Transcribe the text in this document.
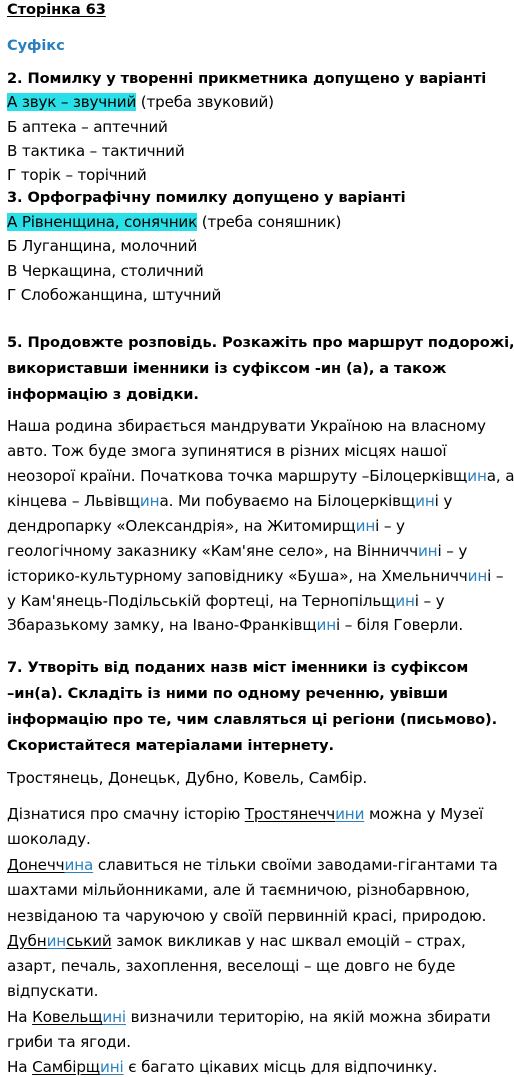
Сторінка 63
Суфікс
2. Помилку у творенні прикметника допущено у варіанті
А звук – звучний (треба звуковий)
Б аптека – аптечний
В тактика – тактичний
Г торік – торічний
3. Орфографічну помилку допущено у варіанті
А Рівненщина, сонячник (треба соняшник)
Б Луганщина, молочний
В Черкащина, столичний
Г Слобожанщина, штучний
5. Продовжте розповідь. Розкажіть про маршрут подорожі,
використавши іменники із суфіксом -ин (а), а також
інформацію з довідки.
Наша родина збирається мандрувати Україною на власному
авто. Тож буде змога зупинятися в різних місцях нашої
неозорої країни. Початкова точка маршруту –Білоцерківщина, а
кінцева – Львівщина. Ми побуваємо на Білоцерківщині у
дендропарку «Олександрія», на Житомирщині – у
геологічному заказнику «Кам'яне село», на Вінниччині – у
історико-культурному заповіднику «Буша», на Хмельниччині –
у Кам'янець-Подільській фортеці, на Тернопільщині – у
Збаразькому замку, на Івано-Франківщині – біля Говерли.
7. Утворіть від поданих назв міст іменники із суфіксом
–ин(а). Складіть із ними по одному реченню, увівши
інформацію про те, чим славляться ці регіони (письмово).
Скористайтеся матеріалами інтернету.
Тростянець, Донецьк, Дубно, Ковель, Самбір.
Дізнатися про смачну історію Тростянеччини можна у Музеї
шоколаду.
Донеччина славиться не тільки своїми заводами-гігантами та
шахтами мільйонниками, але й таємничою, різнобарвною,
незвіданою та чаруючою у своїй первинній красі, природою.
Дубнинський замок викликав у нас шквал емоцій – страх,
азарт, печаль, захоплення, веселощі – ще довго не буде
відпускати.
На Ковельщині визначили територію, на якій можна збирати
гриби та ягоди.
На Самбірщині є багато цікавих місць для відпочинку.
